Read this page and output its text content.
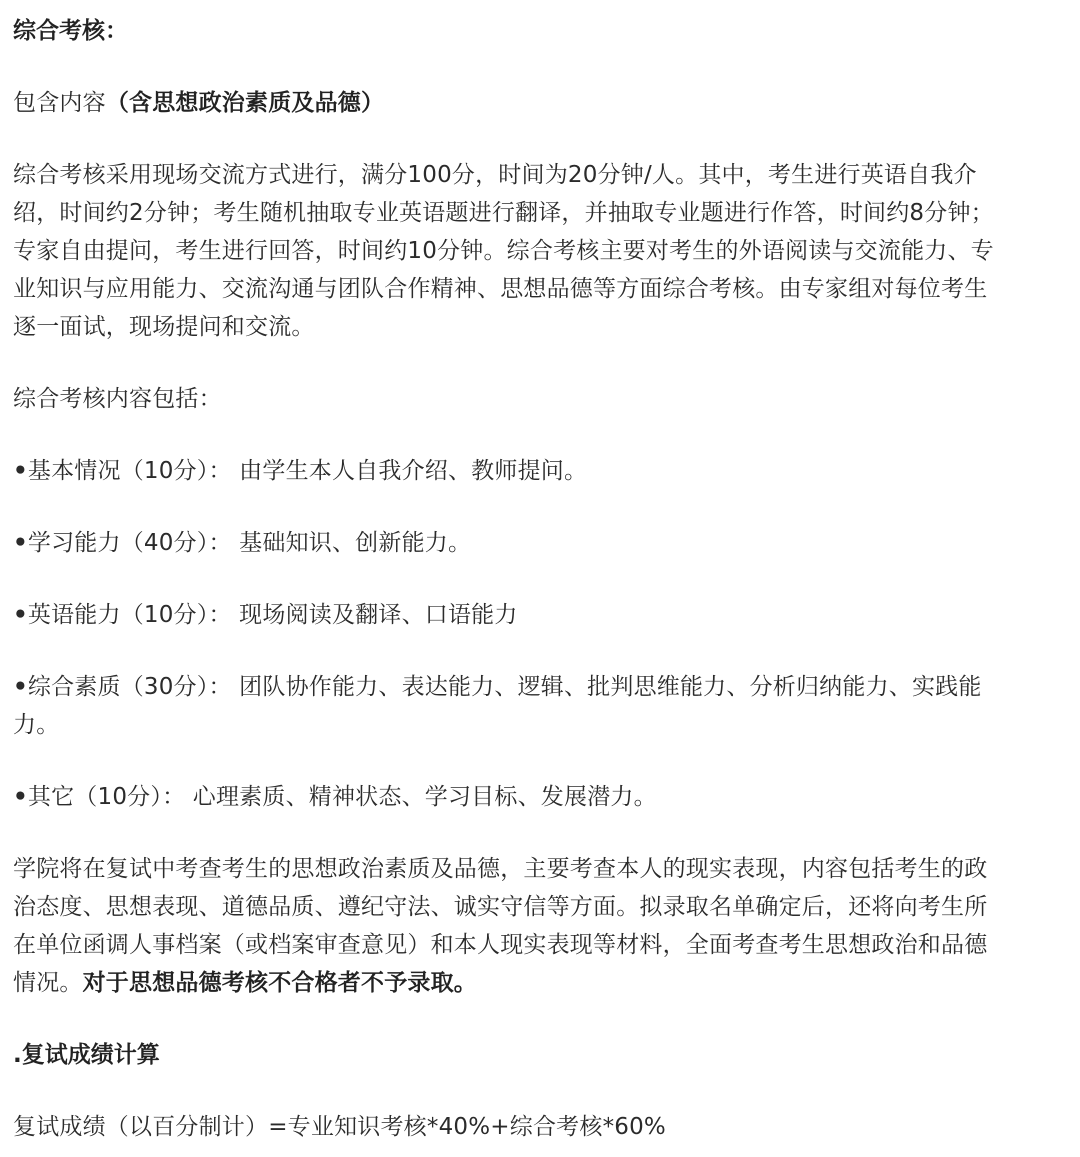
综合考核：

包含内容（含思想政治素质及品德）

综合考核采用现场交流方式进行，满分100分，时间为20分钟/人。其中，考生进行英语自我介
绍，时间约2分钟；考生随机抽取专业英语题进行翻译，并抽取专业题进行作答，时间约8分钟；
专家自由提问，考生进行回答，时间约10分钟。综合考核主要对考生的外语阅读与交流能力、专
业知识与应用能力、交流沟通与团队合作精神、思想品德等方面综合考核。由专家组对每位考生
逐一面试，现场提问和交流。

综合考核内容包括：

•基本情况（10分）： 由学生本人自我介绍、教师提问。
•学习能力（40分）： 基础知识、创新能力。
•英语能力（10分）： 现场阅读及翻译、口语能力
•综合素质（30分）： 团队协作能力、表达能力、逻辑、批判思维能力、分析归纳能力、实践能
力。
•其它（10分）： 心理素质、精神状态、学习目标、发展潜力。
学院将在复试中考查考生的思想政治素质及品德，主要考查本人的现实表现，内容包括考生的政
治态度、思想表现、道德品质、遵纪守法、诚实守信等方面。拟录取名单确定后，还将向考生所
在单位函调人事档案（或档案审查意见）和本人现实表现等材料，全面考查考生思想政治和品德
情况。对于思想品德考核不合格者不予录取。

.复试成绩计算

复试成绩（以百分制计）=专业知识考核*40%+综合考核*60%
